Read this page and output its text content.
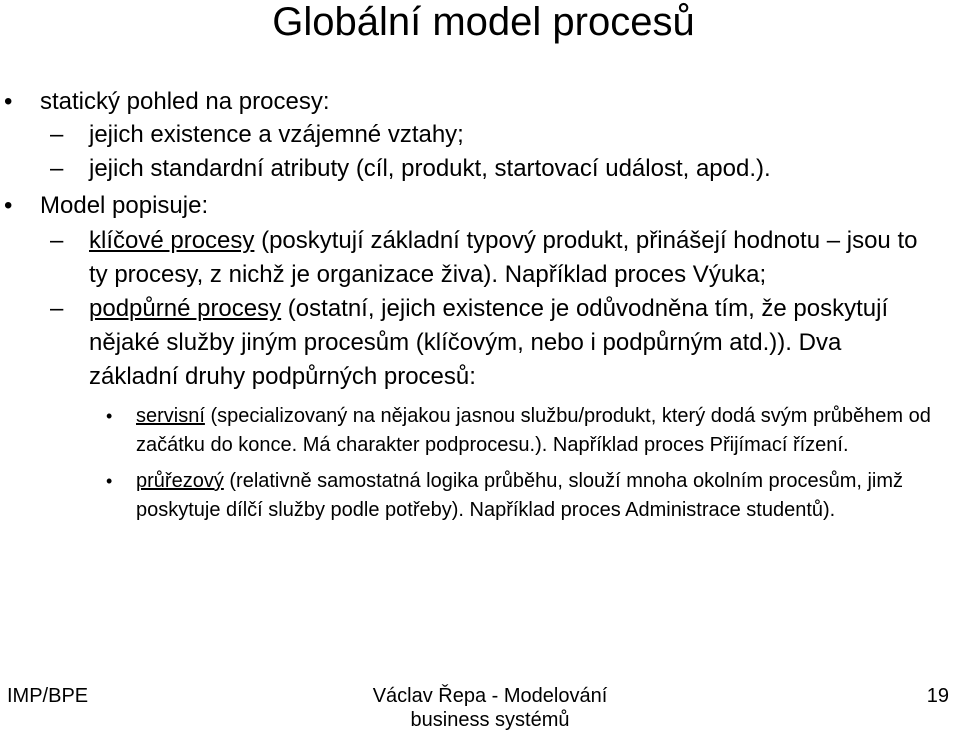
Globální model procesů
• statický pohled na procesy:
–	jejich existence a vzájemné vztahy;
–	jejich standardní atributy (cíl, produkt, startovací událost, apod.).
• Model popisuje:
–	klíčové procesy (poskytují základní typový produkt, přinášejí hodnotu – jsou to ty procesy, z nichž je organizace živa). Například proces Výuka;
–	podpůrné procesy (ostatní, jejich existence je odůvodněna tím, že poskytují nějaké služby jiným procesům (klíčovým, nebo i podpůrným atd.)). Dva základní druhy podpůrných procesů:
• servisní (specializovaný na nějakou jasnou službu/produkt, který dodá svým průběhem od začátku do konce. Má charakter podprocesu.). Například proces Přijímací řízení.
• průřezový (relativně samostatná logika průběhu, slouží mnoha okolním procesům, jimž poskytuje dílčí služby podle potřeby). Například proces Administrace studentů).
IMP/BPE	Václav Řepa - Modelování
business systémů
19
